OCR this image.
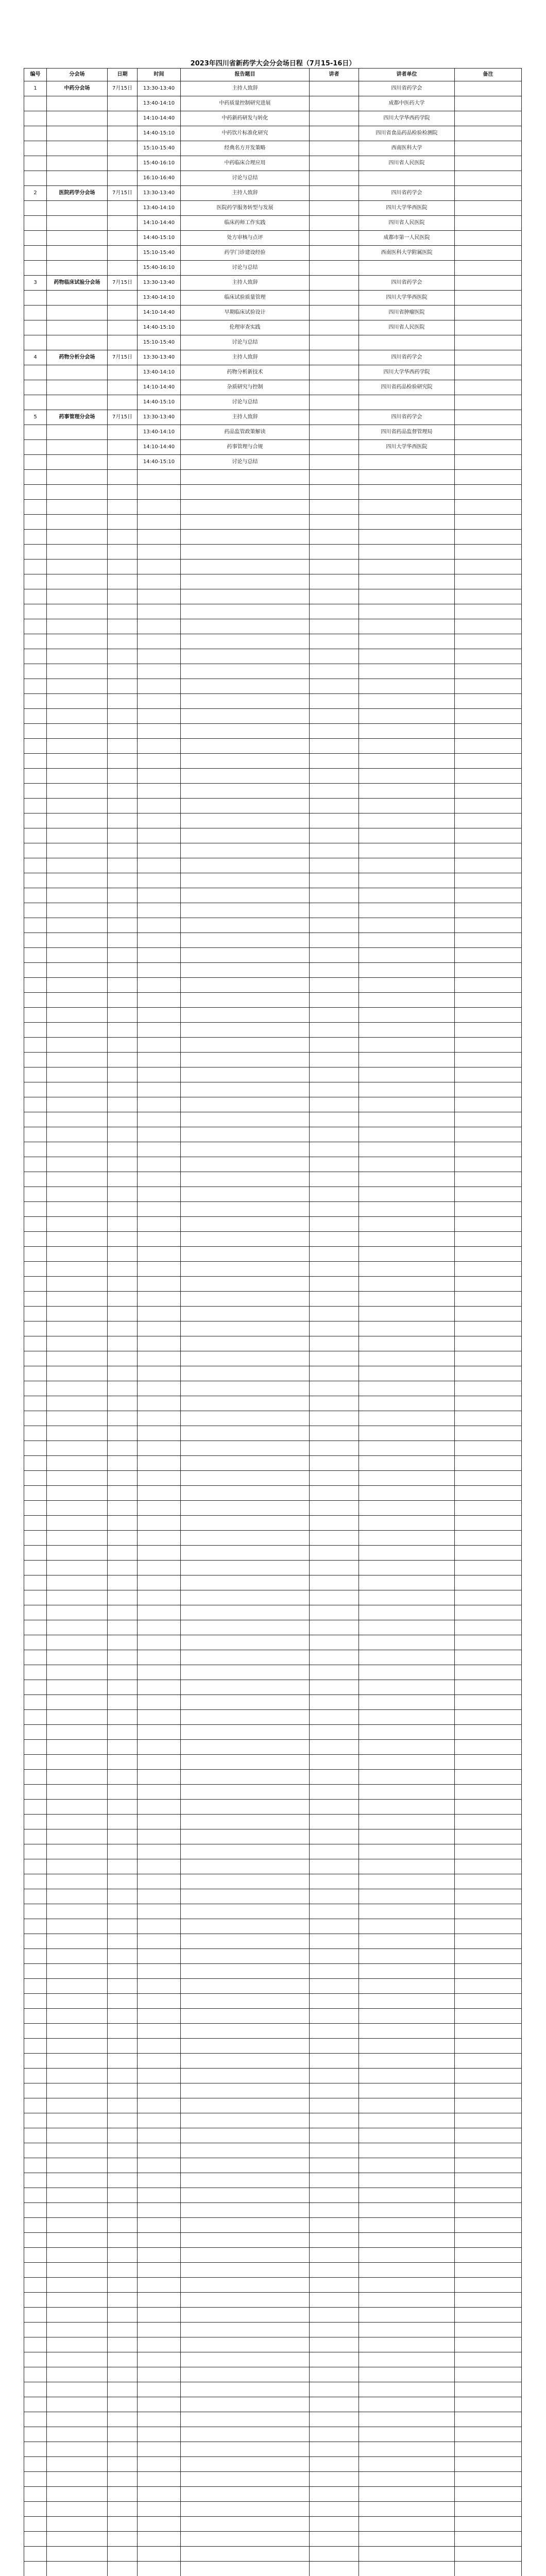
2023年四川省新药学大会分会场日程（7月15-16日）
编号	分会场	日期	时间	报告题目	讲者	讲者单位	备注
1	中药分会场	7月15日	13:30-13:40	主持人致辞		四川省药学会	
			13:40-14:10	中药质量控制研究进展		成都中医药大学	
			14:10-14:40	中药新药研发与转化		四川大学华西药学院	
			14:40-15:10	中药饮片标准化研究		四川省食品药品检验检测院	
			15:10-15:40	经典名方开发策略		西南医科大学	
			15:40-16:10	中药临床合理应用		四川省人民医院	
			16:10-16:40	讨论与总结			
2	医院药学分会场	7月15日	13:30-13:40	主持人致辞		四川省药学会	
			13:40-14:10	医院药学服务转型与发展		四川大学华西医院	
			14:10-14:40	临床药师工作实践		四川省人民医院	
			14:40-15:10	处方审核与点评		成都市第一人民医院	
			15:10-15:40	药学门诊建设经验		西南医科大学附属医院	
			15:40-16:10	讨论与总结			
3	药物临床试验分会场	7月15日	13:30-13:40	主持人致辞		四川省药学会	
			13:40-14:10	临床试验质量管理		四川大学华西医院	
			14:10-14:40	早期临床试验设计		四川省肿瘤医院	
			14:40-15:10	伦理审查实践		四川省人民医院	
			15:10-15:40	讨论与总结			
4	药物分析分会场	7月15日	13:30-13:40	主持人致辞		四川省药学会	
			13:40-14:10	药物分析新技术		四川大学华西药学院	
			14:10-14:40	杂质研究与控制		四川省药品检验研究院	
			14:40-15:10	讨论与总结			
5	药事管理分会场	7月15日	13:30-13:40	主持人致辞		四川省药学会	
			13:40-14:10	药品监管政策解读		四川省药品监督管理局	
			14:10-14:40	药事管理与合规		四川大学华西医院	
			14:40-15:10	讨论与总结			
